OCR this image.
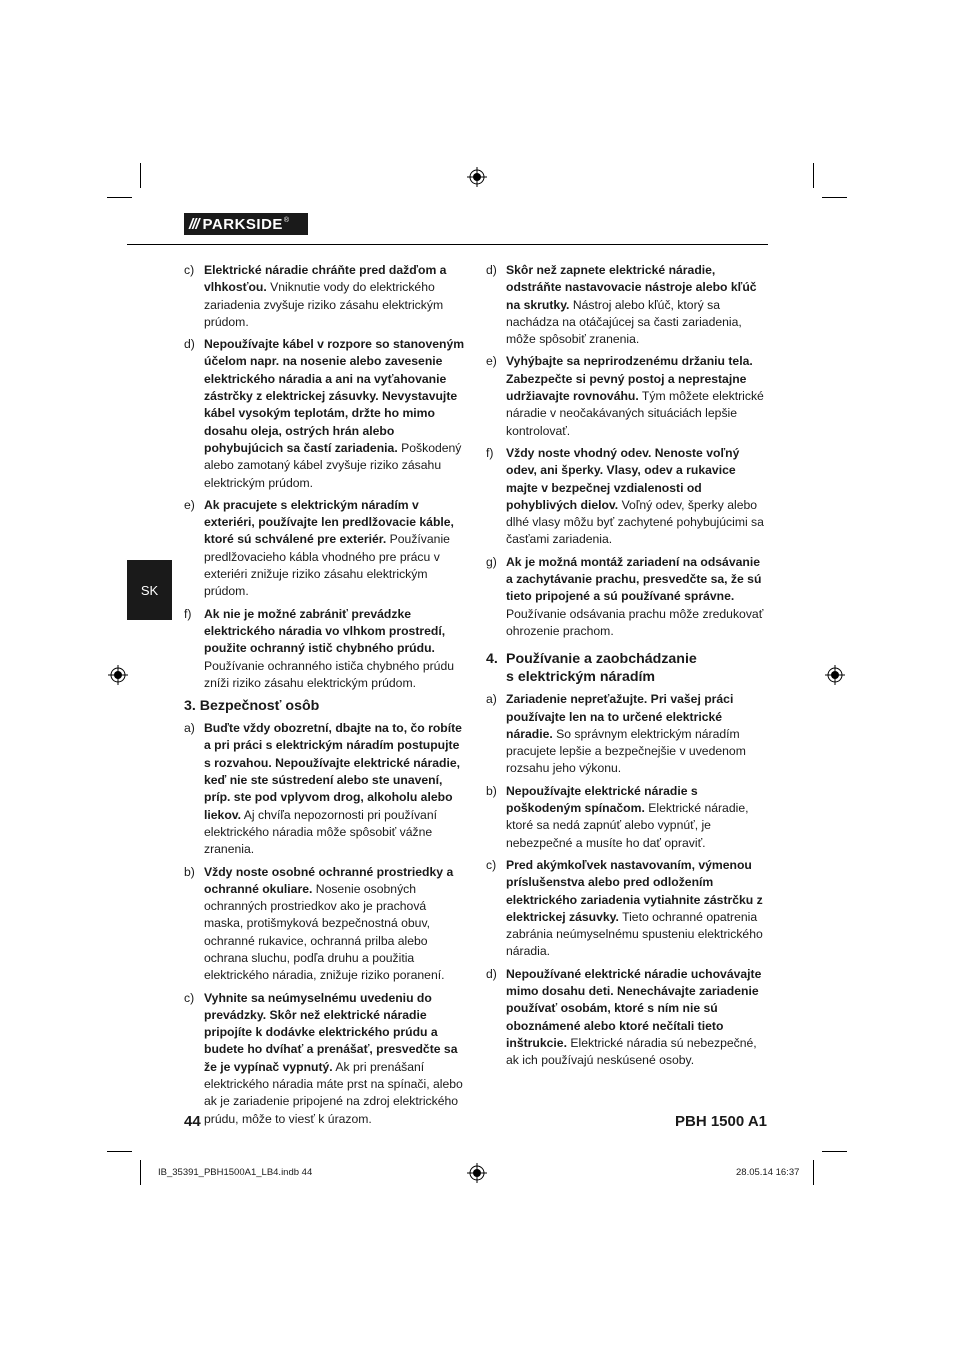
/// PARKSIDE ®
SK
c) Elektrické náradie chráňte pred dažďom a vlhkosťou. Vniknutie vody do elektrického zariadenia zvyšuje riziko zásahu elektrickým prúdom.
d) Nepoužívajte kábel v rozpore so stanoveným účelom napr. na nosenie alebo zavesenie elektrického náradia a ani na vyťahovanie zástrčky z elektrickej zásuvky. Nevystavujte kábel vysokým teplotám, držte ho mimo dosahu oleja, ostrých hrán alebo pohybujúcich sa častí zariadenia. Poškodený alebo zamotaný kábel zvyšuje riziko zásahu elektrickým prúdom.
e) Ak pracujete s elektrickým náradím v exteriéri, používajte len predlžovacie káble, ktoré sú schválené pre exteriér. Používanie predlžovacieho kábla vhodného pre prácu v exteriéri znižuje riziko zásahu elektrickým prúdom.
f) Ak nie je možné zabrániť prevádzke elektrického náradia vo vlhkom prostredí, použite ochranný istič chybného prúdu. Používanie ochranného ističa chybného prúdu zníži riziko zásahu elektrickým prúdom.
3. Bezpečnosť osôb
a) Buďte vždy obozretní, dbajte na to, čo robíte a pri práci s elektrickým náradím postupujte s rozvahou. Nepoužívajte elektrické náradie, keď nie ste sústredení alebo ste unavení, príp. ste pod vplyvom drog, alkoholu alebo liekov. Aj chvíľa nepozornosti pri používaní elektrického náradia môže spôsobiť vážne zranenia.
b) Vždy noste osobné ochranné prostriedky a ochranné okuliare. Nosenie osobných ochranných prostriedkov ako je prachová maska, protišmyková bezpečnostná obuv, ochranné rukavice, ochranná prilba alebo ochrana sluchu, podľa druhu a použitia elektrického náradia, znižuje riziko poranení.
c) Vyhnite sa neúmyselnému uvedeniu do prevádzky. Skôr než elektrické náradie pripojíte k dodávke elektrického prúdu a budete ho dvíhať a prenášať, presvedčte sa že je vypínač vypnutý. Ak pri prenášaní elektrického náradia máte prst na spínači, alebo ak je zariadenie pripojené na zdroj elektrického prúdu, môže to viesť k úrazom.
d) Skôr než zapnete elektrické náradie, odstráňte nastavovacie nástroje alebo kľúč na skrutky. Nástroj alebo kľúč, ktorý sa nachádza na otáčajúcej sa časti zariadenia, môže spôsobiť zranenia.
e) Vyhýbajte sa neprirodzenému držaniu tela. Zabezpečte si pevný postoj a neprestajne udržiavajte rovnováhu. Tým môžete elektrické náradie v neočakávaných situáciách lepšie kontrolovať.
f) Vždy noste vhodný odev. Nenoste voľný odev, ani šperky. Vlasy, odev a rukavice majte v bezpečnej vzdialenosti od pohyblivých dielov. Voľný odev, šperky alebo dlhé vlasy môžu byť zachytené pohybujúcimi sa časťami zariadenia.
g) Ak je možná montáž zariadení na odsávanie a zachytávanie prachu, presvedčte sa, že sú tieto pripojené a sú používané správne. Používanie odsávania prachu môže zredukovať ohrozenie prachom.
4. Používanie a zaobchádzanie
s elektrickým náradím
a) Zariadenie nepreťažujte. Pri vašej práci používajte len na to určené elektrické náradie. So správnym elektrickým náradím pracujete lepšie a bezpečnejšie v uvedenom rozsahu jeho výkonu.
b) Nepoužívajte elektrické náradie s poškodeným spínačom. Elektrické náradie, ktoré sa nedá zapnúť alebo vypnúť, je nebezpečné a musíte ho dať opraviť.
c) Pred akýmkoľvek nastavovaním, výmenou príslušenstva alebo pred odložením elektrického zariadenia vytiahnite zástrčku z elektrickej zásuvky. Tieto ochranné opatrenia zabránia neúmyselnému spusteniu elektrického náradia.
d) Nepoužívané elektrické náradie uchovávajte mimo dosahu deti. Nenechávajte zariadenie používať osobám, ktoré s ním nie sú oboznámené alebo ktoré nečítali tieto inštrukcie. Elektrické náradia sú nebezpečné, ak ich používajú neskúsené osoby.
44	PBH 1500 A1
IB_35391_PBH1500A1_LB4.indb 44	28.05.14 16:37
